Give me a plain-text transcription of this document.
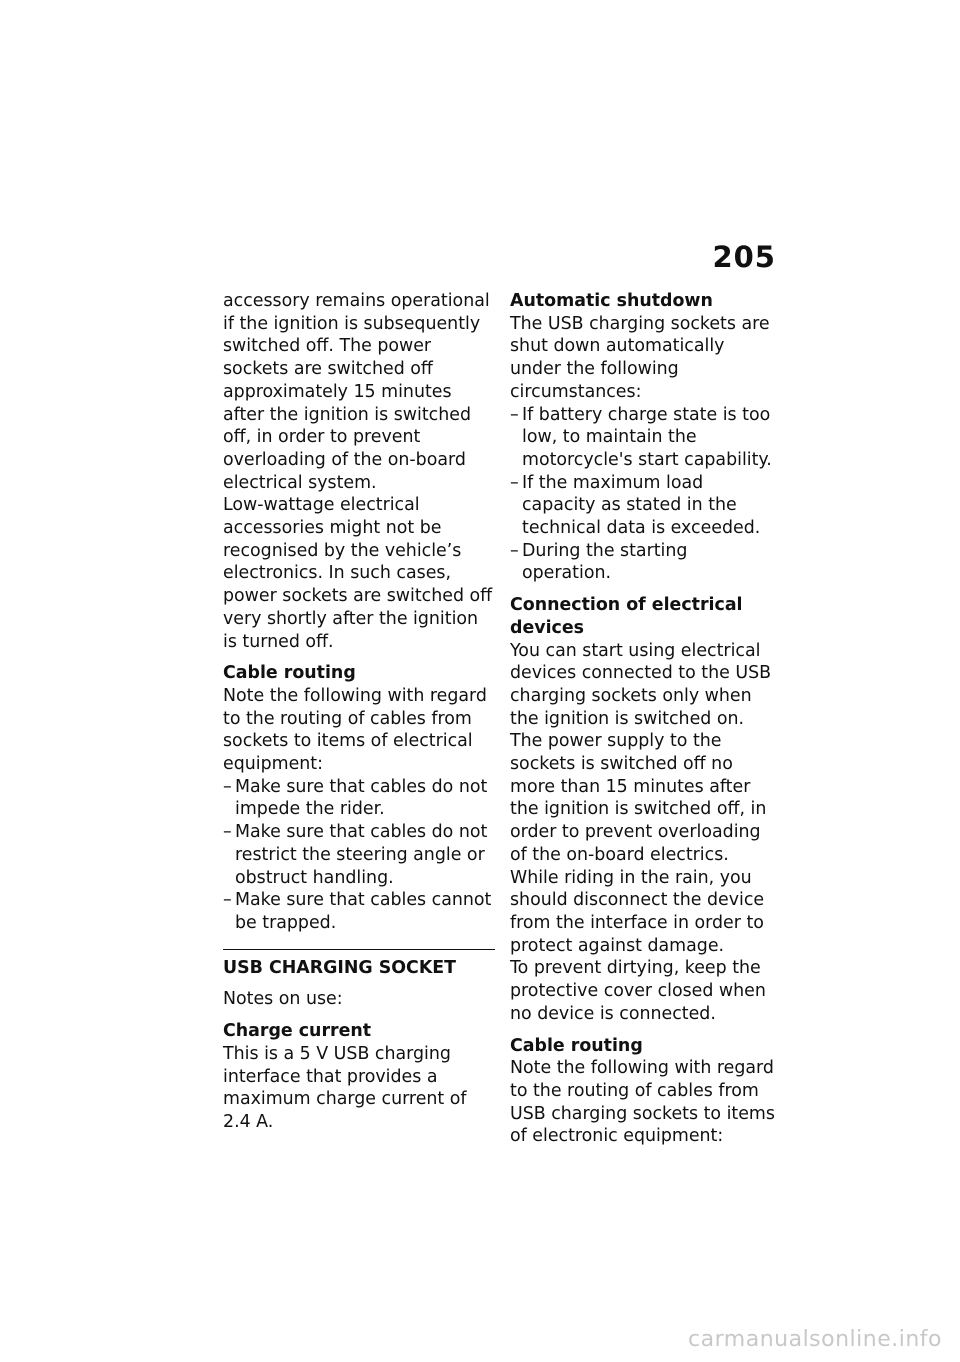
205

accessory remains operational if the ignition is subsequently switched off. The power sockets are switched off approximately 15 minutes after the ignition is switched off, in order to prevent overloading of the on-board electrical system.

Low-wattage electrical accessories might not be recognised by the vehicle’s electronics. In such cases, power sockets are switched off very shortly after the ignition is turned off.

Cable routing

Note the following with regard to the routing of cables from sockets to items of electrical equipment:

– Make sure that cables do not impede the rider.
– Make sure that cables do not restrict the steering angle or obstruct handling.
– Make sure that cables cannot be trapped.
USB CHARGING SOCKET

Notes on use:

Charge current

This is a 5 V USB charging interface that provides a maximum charge current of 2.4 A.

Automatic shutdown

The USB charging sockets are shut down automatically under the following circumstances:

– If battery charge state is too low, to maintain the motorcycle's start capability.
– If the maximum load capacity as stated in the technical data is exceeded.
– During the starting operation.
Connection of electrical devices

You can start using electrical devices connected to the USB charging sockets only when the ignition is switched on. The power supply to the sockets is switched off no more than 15 minutes after the ignition is switched off, in order to prevent overloading of the on-board electrics.

While riding in the rain, you should disconnect the device from the interface in order to protect against damage.

To prevent dirtying, keep the protective cover closed when no device is connected.

Cable routing

Note the following with regard to the routing of cables from USB charging sockets to items of electronic equipment:

carmanualsonline.info
